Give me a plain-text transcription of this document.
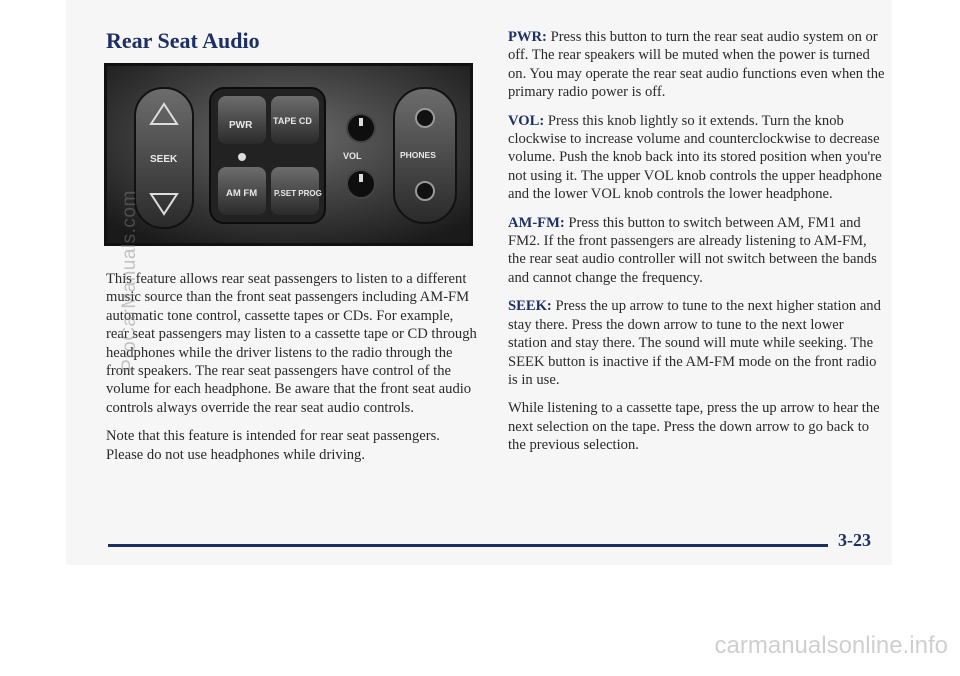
Rear Seat Audio
SEEK
PWR TAPE CD
AM FM P.SET PROG
VOL	PHONES

This feature allows rear seat passengers to listen to a different music source than the front seat passengers including AM-FM automatic tone control, cassette tapes or CDs. For example, rear seat passengers may listen to a cassette tape or CD through headphones while the driver listens to the radio through the front speakers. The rear seat passengers have control of the volume for each headphone. Be aware that the front seat audio controls always override the rear seat audio controls.

Note that this feature is intended for rear seat passengers. Please do not use headphones while driving.

PWR: Press this button to turn the rear seat audio system on or off. The rear speakers will be muted when the power is turned on. You may operate the rear seat audio functions even when the primary radio power is off.

VOL: Press this knob lightly so it extends. Turn the knob clockwise to increase volume and counterclockwise to decrease volume. Push the knob back into its stored position when you're not using it. The upper VOL knob controls the upper headphone and the lower VOL knob controls the lower headphone.

AM-FM: Press this button to switch between AM, FM1 and FM2. If the front passengers are already listening to AM-FM, the rear seat audio controller will not switch between the bands and cannot change the frequency.

SEEK: Press the up arrow to tune to the next higher station and stay there. Press the down arrow to tune to the next lower station and stay there. The sound will mute while seeking. The SEEK button is inactive if the AM-FM mode on the front radio is in use.

While listening to a cassette tape, press the up arrow to hear the next selection on the tape. Press the down arrow to go back to the previous selection.

3-23
ProCarManuals.com
carmanualsonline.info
